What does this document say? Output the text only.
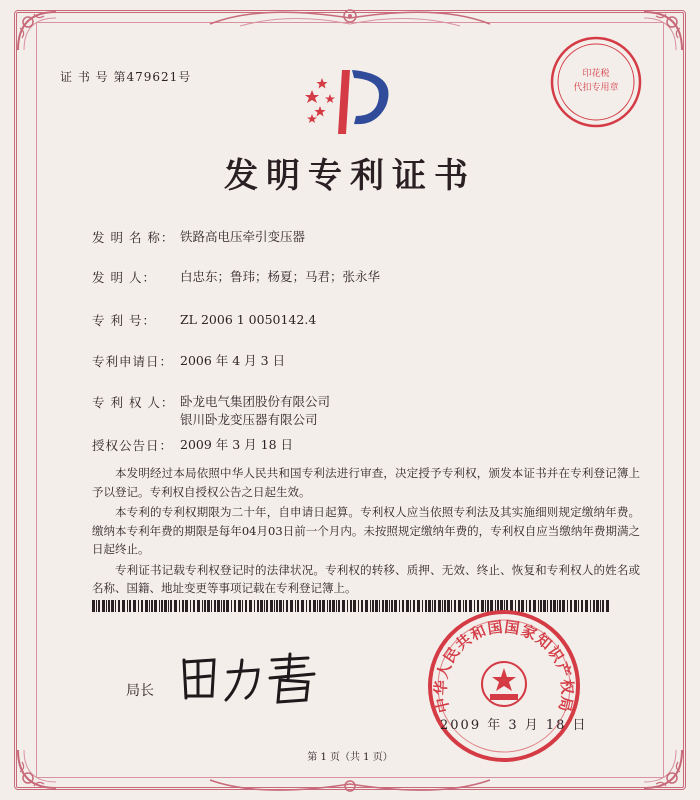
证 书 号 第479621号	印花税
代扣专用章
发明专利证书
发 明 名 称： 铁路高电压牵引变压器
发 明 人：	白忠东；鲁玮；杨夏；马君；张永华
专 利 号：	ZL 2006 1 0050142.4
专利申请日： 2006 年 4 月 3 日
专 利 权 人： 卧龙电气集团股份有限公司
银川卧龙变压器有限公司
授权公告日： 2009 年 3 月 18 日

本发明经过本局依照中华人民共和国专利法进行审查，决定授予专利权，颁发本证书并在专利登记簿上予以登记。专利权自授权公告之日起生效。

本专利的专利权期限为二十年，自申请日起算。专利权人应当依照专利法及其实施细则规定缴纳年费。缴纳本专利年费的期限是每年04月03日前一个月内。未按照规定缴纳年费的，专利权自应当缴纳年费期满之日起终止。

专利证书记载专利权登记时的法律状况。专利权的转移、质押、无效、终止、恢复和专利权人的姓名或名称、国籍、地址变更等事项记载在专利登记簿上。

局长
中华人民共和国国家知识产权局
2009 年 3 月 18 日
第 1 页（共 1 页）
